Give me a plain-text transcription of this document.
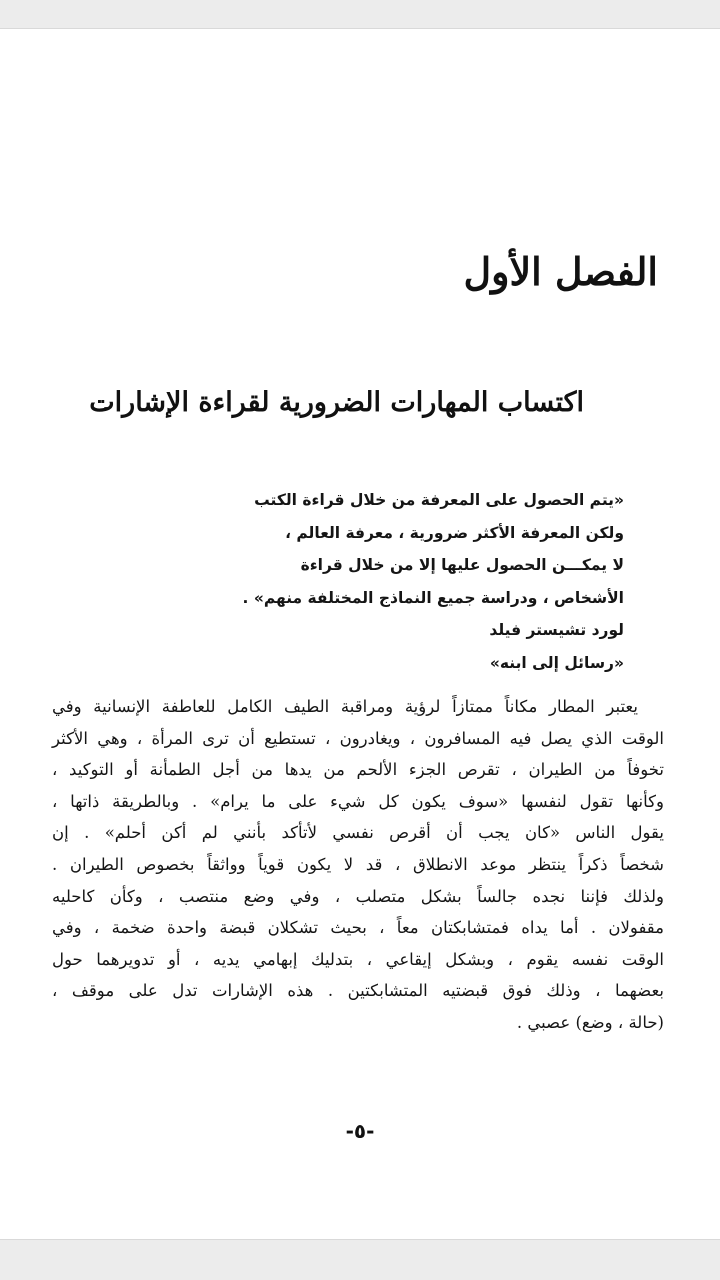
الفصل الأول
اكتساب المهارات الضرورية لقراءة الإشارات
«يتم الحصول على المعرفة من خلال قراءة الكتب
ولكن المعرفة الأكثر ضرورية ، معرفة العالم ،
لا يمكـــن الحصول عليها إلا من خلال قراءة
الأشخاص ، ودراسة جميع النماذج المختلفة منهم» .
لورد تشيستر فيلد
«رسائل إلى ابنه»
يعتبر المطار مكاناً ممتازاً لرؤية ومراقبة الطيف الكامل للعاطفة الإنسانية وفي
الوقت الذي يصل فيه المسافرون ، ويغادرون ، تستطيع أن ترى المرأة ، وهي الأكثر
تخوفاً من الطيران ، تقرص الجزء الألحم من يدها من أجل الطمأنة أو التوكيد ،
وكأنها تقول لنفسها «سوف يكون كل شيء على ما يرام» . وبالطريقة ذاتها ،
يقول الناس «كان يجب أن أقرص نفسي لأتأكد بأنني لم أكن أحلم» . إن
شخصاً ذكراً ينتظر موعد الانطلاق ، قد لا يكون قوياً وواثقاً بخصوص الطيران .
ولذلك فإننا نجده جالساً بشكل متصلب ، وفي وضع منتصب ، وكأن كاحليه
مقفولان . أما يداه فمتشابكتان معاً ، بحيث تشكلان قبضة واحدة ضخمة ، وفي
الوقت نفسه يقوم ، وبشكل إيقاعي ، بتدليك إبهامي يديه ، أو تدويرهما حول
بعضهما ، وذلك فوق قبضتيه المتشابكتين . هذه الإشارات تدل على موقف ،
(حالة ، وضع) عصبي .
-٥-
